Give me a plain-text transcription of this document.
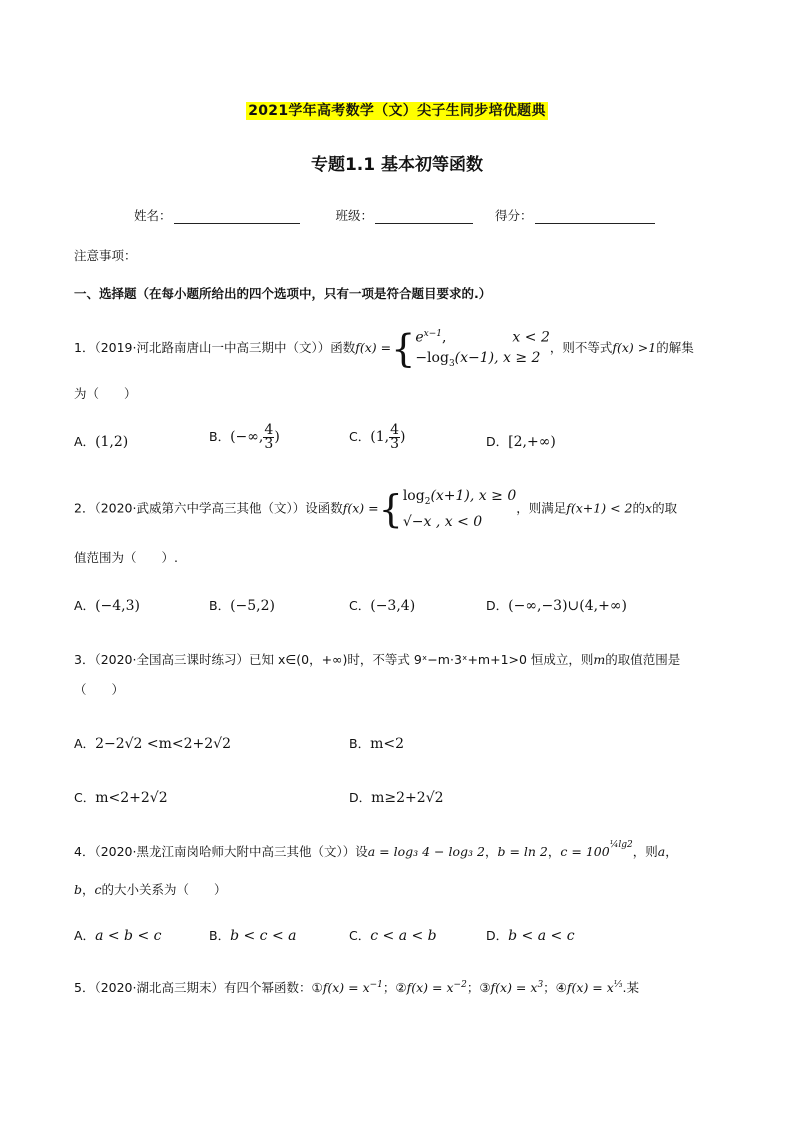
2021学年高考数学（文）尖子生同步培优题典
专题1.1 基本初等函数
姓名：	班级：	得分：
注意事项：
一、选择题（在每小题所给出的四个选项中，只有一项是符合题目要求的.）
1．（2019·河北路南唐山一中高三期中（文））函数f(x) ={ $e^{x-1}$,	x < 2
$-\log_3(x-1)$, x ≥ 2
，则不等式f(x) >1的解集
为（　　）
A．(1,2)	B．(−∞, $\frac{4}{3}$ )	C．(1, $\frac{4}{3}$ )	D．[2,+∞)
2．（2020·武威第六中学高三其他（文））设函数f(x) ={ $\log_2(x+1)$, x ≥ 0
√−x , x < 0
，则满足f(x+1) < 2的x的取
值范围为（　　）.
A．(−4,3)	B．(−5,2)	C．(−3,4)	D．(−∞,−3)∪(4,+∞)
3．（2020·全国高三课时练习）已知 x∈(0，+∞)时，不等式 9ˣ−m·3ˣ+m+1>0 恒成立，则m的取值范围是
（　　）
A．2−2√2 <m<2+2√2	B．m<2
C．m<2+2√2	D．m≥2+2√2
4．（2020·黑龙江南岗哈师大附中高三其他（文））设a = log₃ 4 − log₃ 2，b = ln 2，$c = 100^{\frac{1}{4}lg2}$，则a，
b，c的大小关系为（　　）
A．a < b < c	B．b < c < a	C．c < a < b	D．b < a < c
5．（2020·湖北高三期末）有四个幂函数：①f(x) = $x^{-1}$；②f(x) = $x^{-2}$；③f(x) = $x^3$；④f(x) = $x^{\frac{1}{3}}$.某
